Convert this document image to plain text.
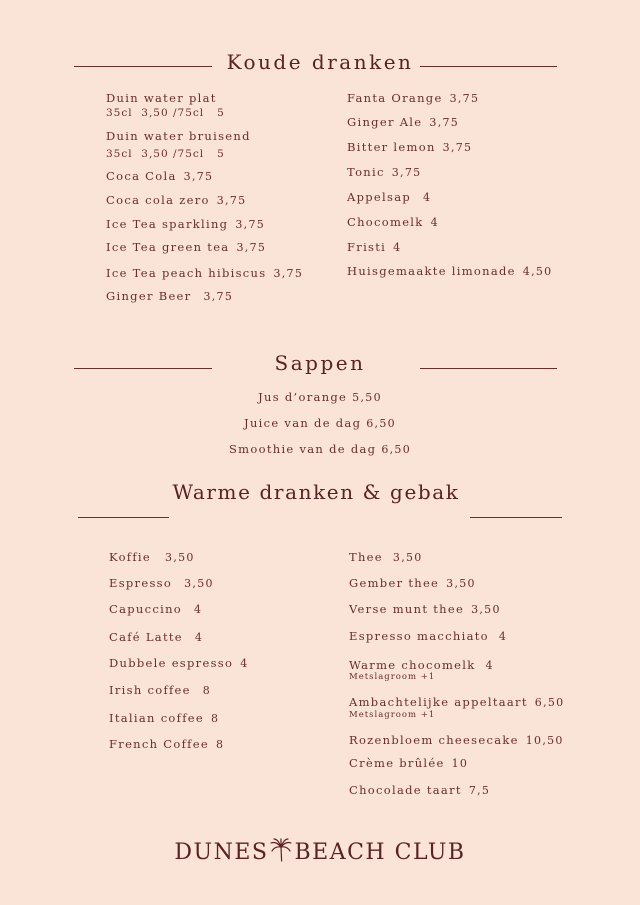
Koude dranken
Duin water plat
35cl  3,50 /75cl   5
Duin water bruisend
35cl  3,50 /75cl   5
Coca Cola 3,75
Coca cola zero 3,75
Ice Tea sparkling 3,75
Ice Tea green tea 3,75
Ice Tea peach hibiscus 3,75
Ginger Beer 3,75
Fanta Orange 3,75
Ginger Ale 3,75
Bitter lemon 3,75
Tonic 3,75
Appelsap 4
Chocomelk 4
Fristi 4
Huisgemaakte limonade 4,50
Sappen
Jus d’orange 5,50
Juice van de dag 6,50
Smoothie van de dag 6,50
Warme dranken & gebak
Koffie 3,50
Espresso 3,50
Capuccino 4
Café Latte 4
Dubbele espresso 4
Irish coffee 8
Italian coffee 8
French Coffee 8
Thee 3,50
Gember thee 3,50
Verse munt thee 3,50
Espresso macchiato 4
Warme chocomelk 4
Metslagroom +1
Ambachtelijke appeltaart 6,50
Metslagroom +1
Rozenbloem cheesecake 10,50
Crème brûlée 10
Chocolade taart 7,5
DUNES BEACH CLUB
